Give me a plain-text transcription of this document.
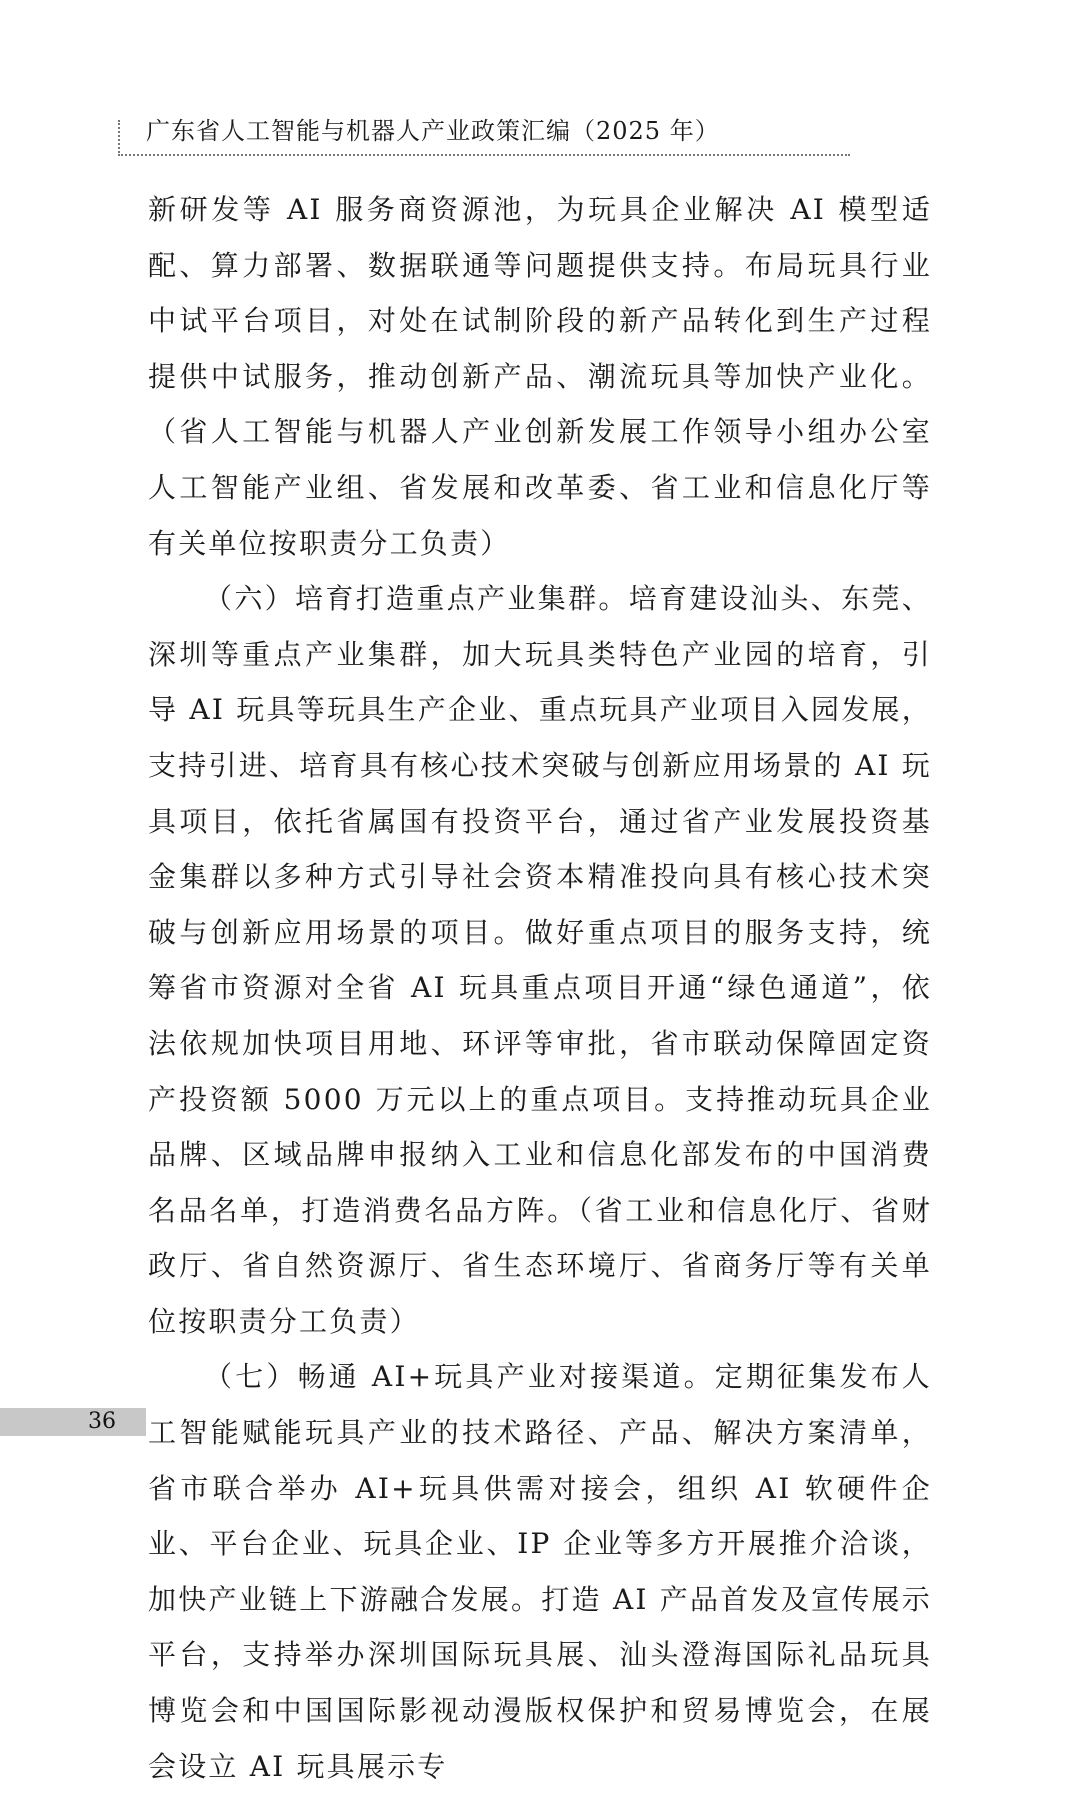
广东省人工智能与机器人产业政策汇编（2025 年）

新研发等 AI 服务商资源池，为玩具企业解决 AI 模型适配、算力部署、数据联通等问题提供支持。布局玩具行业中试平台项目，对处在试制阶段的新产品转化到生产过程提供中试服务，推动创新产品、潮流玩具等加快产业化。（省人工智能与机器人产业创新发展工作领导小组办公室人工智能产业组、省发展和改革委、省工业和信息化厅等有关单位按职责分工负责）

（六）培育打造重点产业集群。培育建设汕头、东莞、深圳等重点产业集群，加大玩具类特色产业园的培育，引导 AI 玩具等玩具生产企业、重点玩具产业项目入园发展，支持引进、培育具有核心技术突破与创新应用场景的 AI 玩具项目，依托省属国有投资平台，通过省产业发展投资基金集群以多种方式引导社会资本精准投向具有核心技术突破与创新应用场景的项目。做好重点项目的服务支持，统筹省市资源对全省 AI 玩具重点项目开通“绿色通道”，依法依规加快项目用地、环评等审批，省市联动保障固定资产投资额 5000 万元以上的重点项目。支持推动玩具企业品牌、区域品牌申报纳入工业和信息化部发布的中国消费名品名单，打造消费名品方阵。（省工业和信息化厅、省财政厅、省自然资源厅、省生态环境厅、省商务厅等有关单位按职责分工负责）

（七）畅通 AI+玩具产业对接渠道。定期征集发布人工智能赋能玩具产业的技术路径、产品、解决方案清单，省市联合举办 AI+玩具供需对接会，组织 AI 软硬件企业、平台企业、玩具企业、IP 企业等多方开展推介洽谈，加快产业链上下游融合发展。打造 AI 产品首发及宣传展示平台，支持举办深圳国际玩具展、汕头澄海国际礼品玩具博览会和中国国际影视动漫版权保护和贸易博览会，在展会设立 AI 玩具展示专

36
